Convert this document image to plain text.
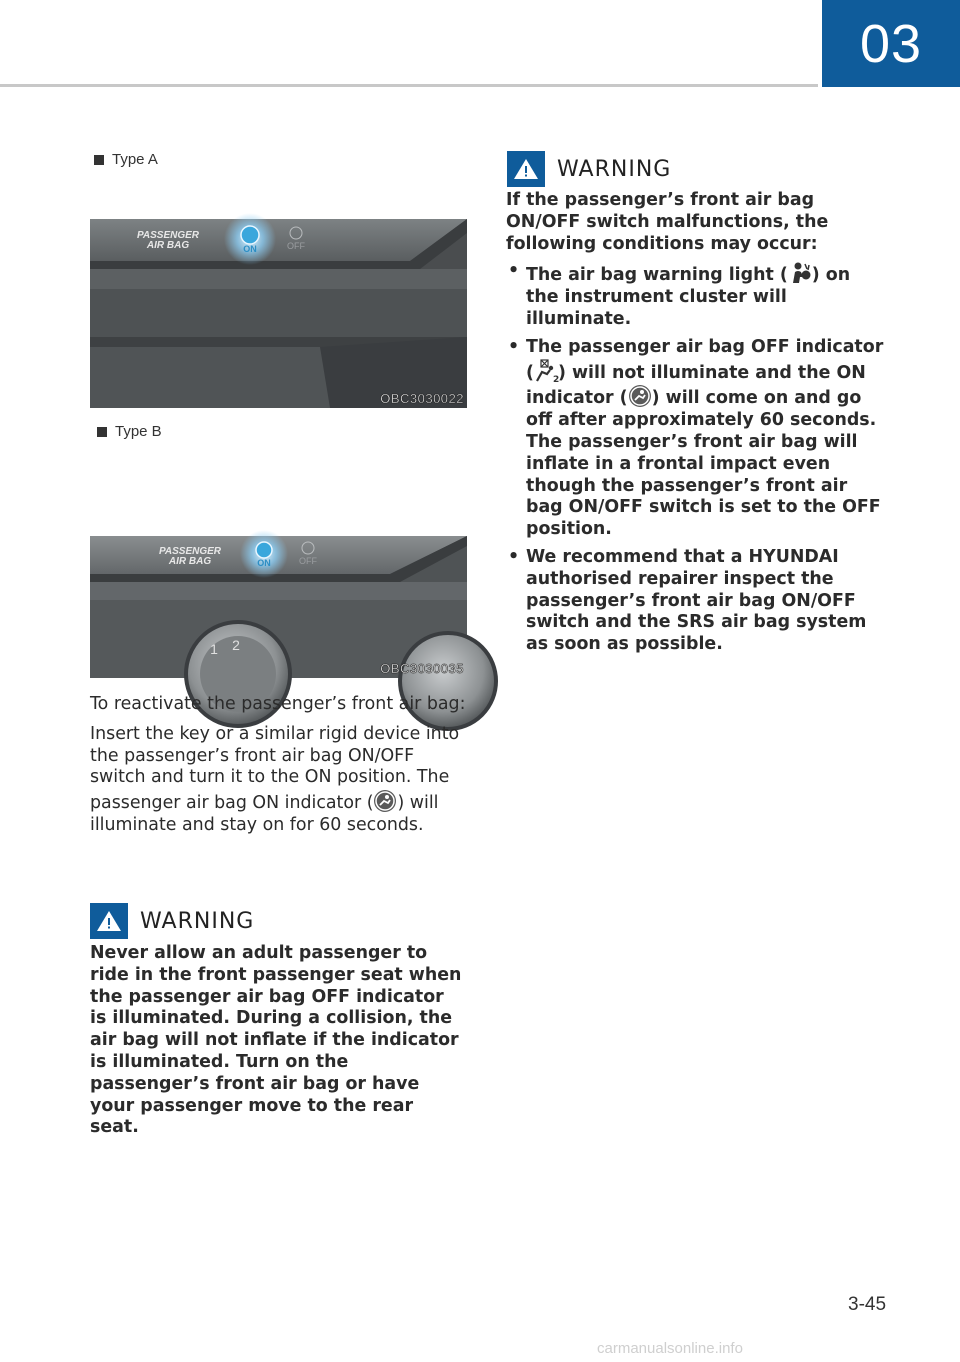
03
Type A
PASSENGER
AIR BAG	ON	OFF
OBC3030022
Type B
1 2
PASSENGER
AIR BAG	ON	OFF
OBC3030035

To reactivate the passenger’s front air bag:

Insert the key or a similar rigid device into the passenger’s front air bag ON/OFF switch and turn it to the ON position. The passenger air bag ON indicator ( ) will illuminate and stay on for 60 seconds.

WARNING
Never allow an adult passenger to ride in the front passenger seat when the passenger air bag OFF indicator is illuminated. During a collision, the air bag will not inflate if the indicator is illuminated. Turn on the passenger’s front air bag or have your passenger move to the rear seat.
WARNING
If the passenger’s front air bag ON/OFF switch malfunctions, the following conditions may occur:
• The air bag warning light ( ) on the instrument cluster will illuminate.
• The passenger air bag OFF indicator ( 2
) will not illuminate and the ON indicator ( ) will come on and go off after approximately 60 seconds. The passenger’s front air bag will inflate in a frontal impact even though the passenger’s front air bag ON/OFF switch is set to the OFF position.
• We recommend that a HYUNDAI authorised repairer inspect the passenger’s front air bag ON/OFF switch and the SRS air bag system as soon as possible.
3-45
carmanualsonline.info
